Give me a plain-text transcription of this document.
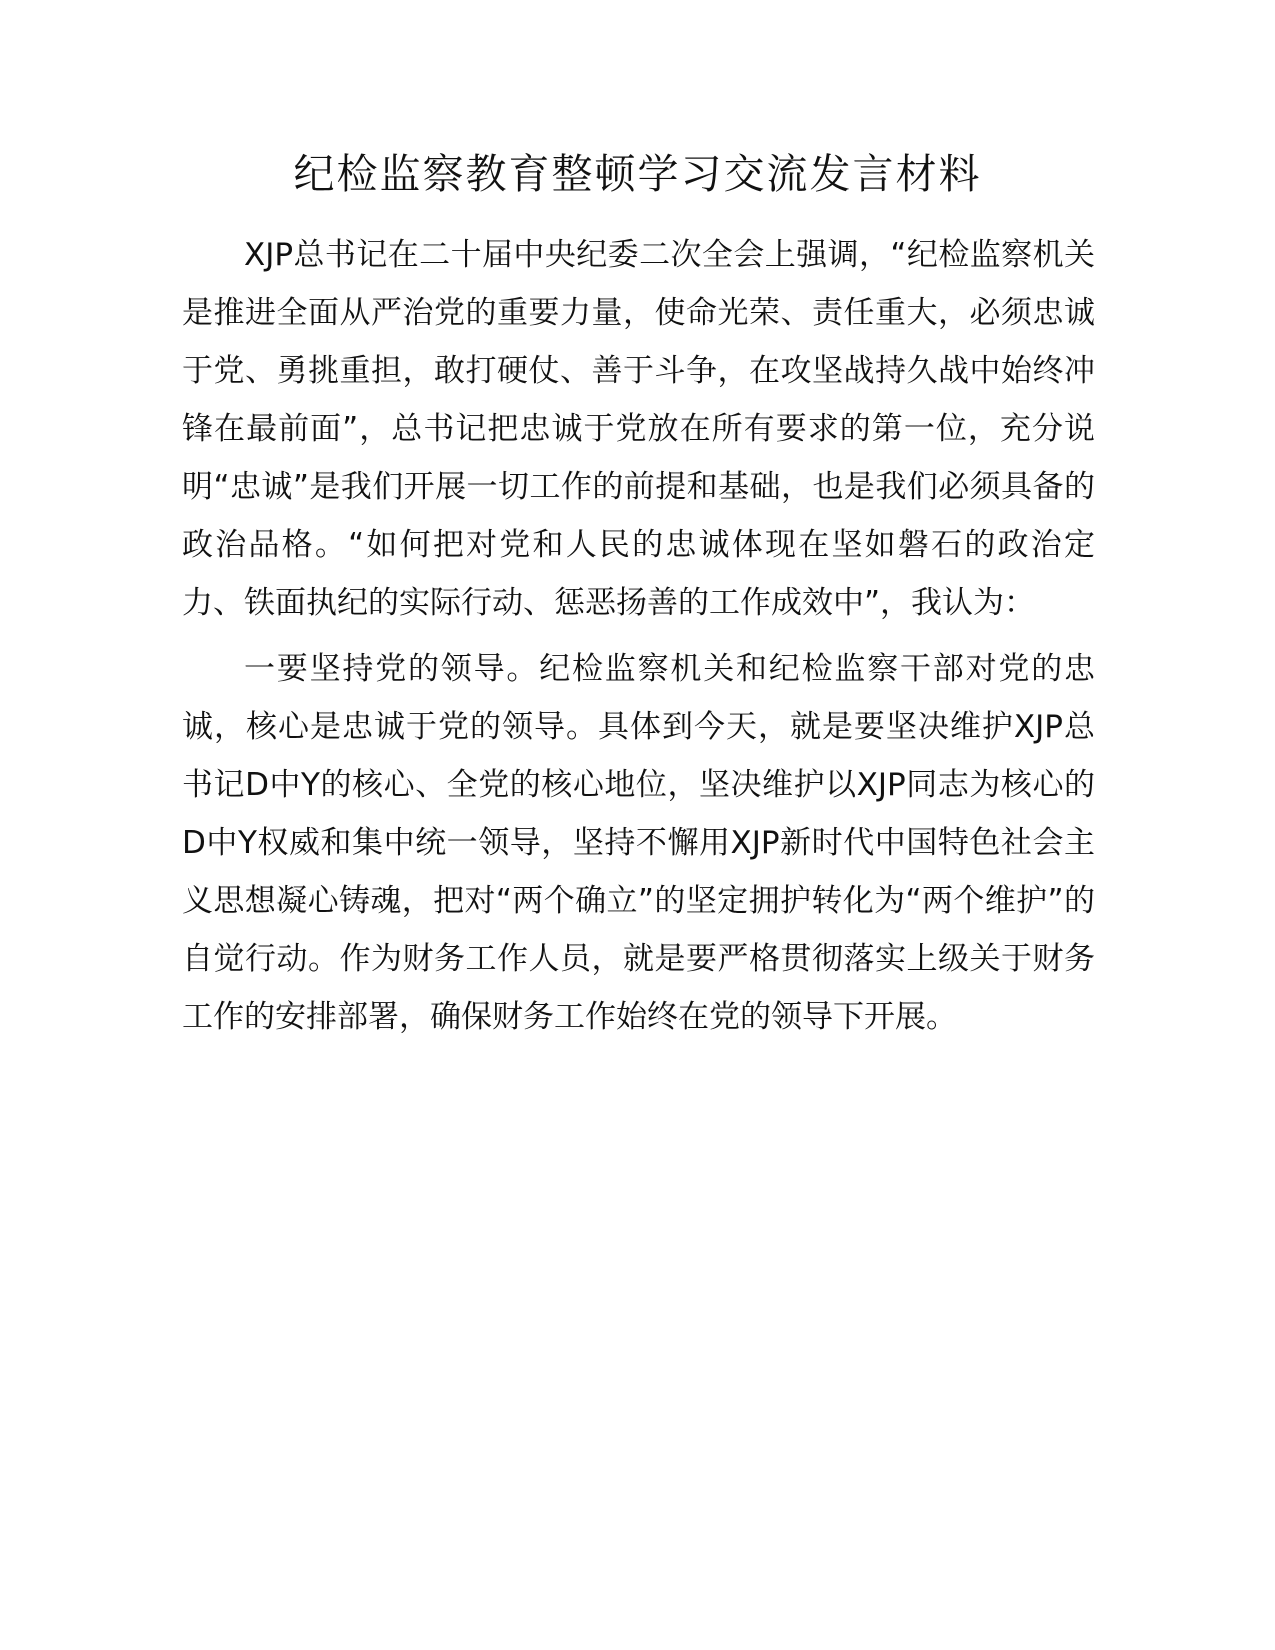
纪检监察教育整顿学习交流发言材料

XJP总书记在二十届中央纪委二次全会上强调，“纪检监察机关是推进全面从严治党的重要力量，使命光荣、责任重大，必须忠诚于党、勇挑重担，敢打硬仗、善于斗争，在攻坚战持久战中始终冲锋在最前面”，总书记把忠诚于党放在所有要求的第一位，充分说明“忠诚”是我们开展一切工作的前提和基础，也是我们必须具备的政治品格。“如何把对党和人民的忠诚体现在坚如磐石的政治定力、铁面执纪的实际行动、惩恶扬善的工作成效中”，我认为：

一要坚持党的领导。纪检监察机关和纪检监察干部对党的忠诚，核心是忠诚于党的领导。具体到今天，就是要坚决维护XJP总书记D中Y的核心、全党的核心地位，坚决维护以XJP同志为核心的D中Y权威和集中统一领导，坚持不懈用XJP新时代中国特色社会主义思想凝心铸魂，把对“两个确立”的坚定拥护转化为“两个维护”的自觉行动。作为财务工作人员，就是要严格贯彻落实上级关于财务工作的安排部署，确保财务工作始终在党的领导下开展。
